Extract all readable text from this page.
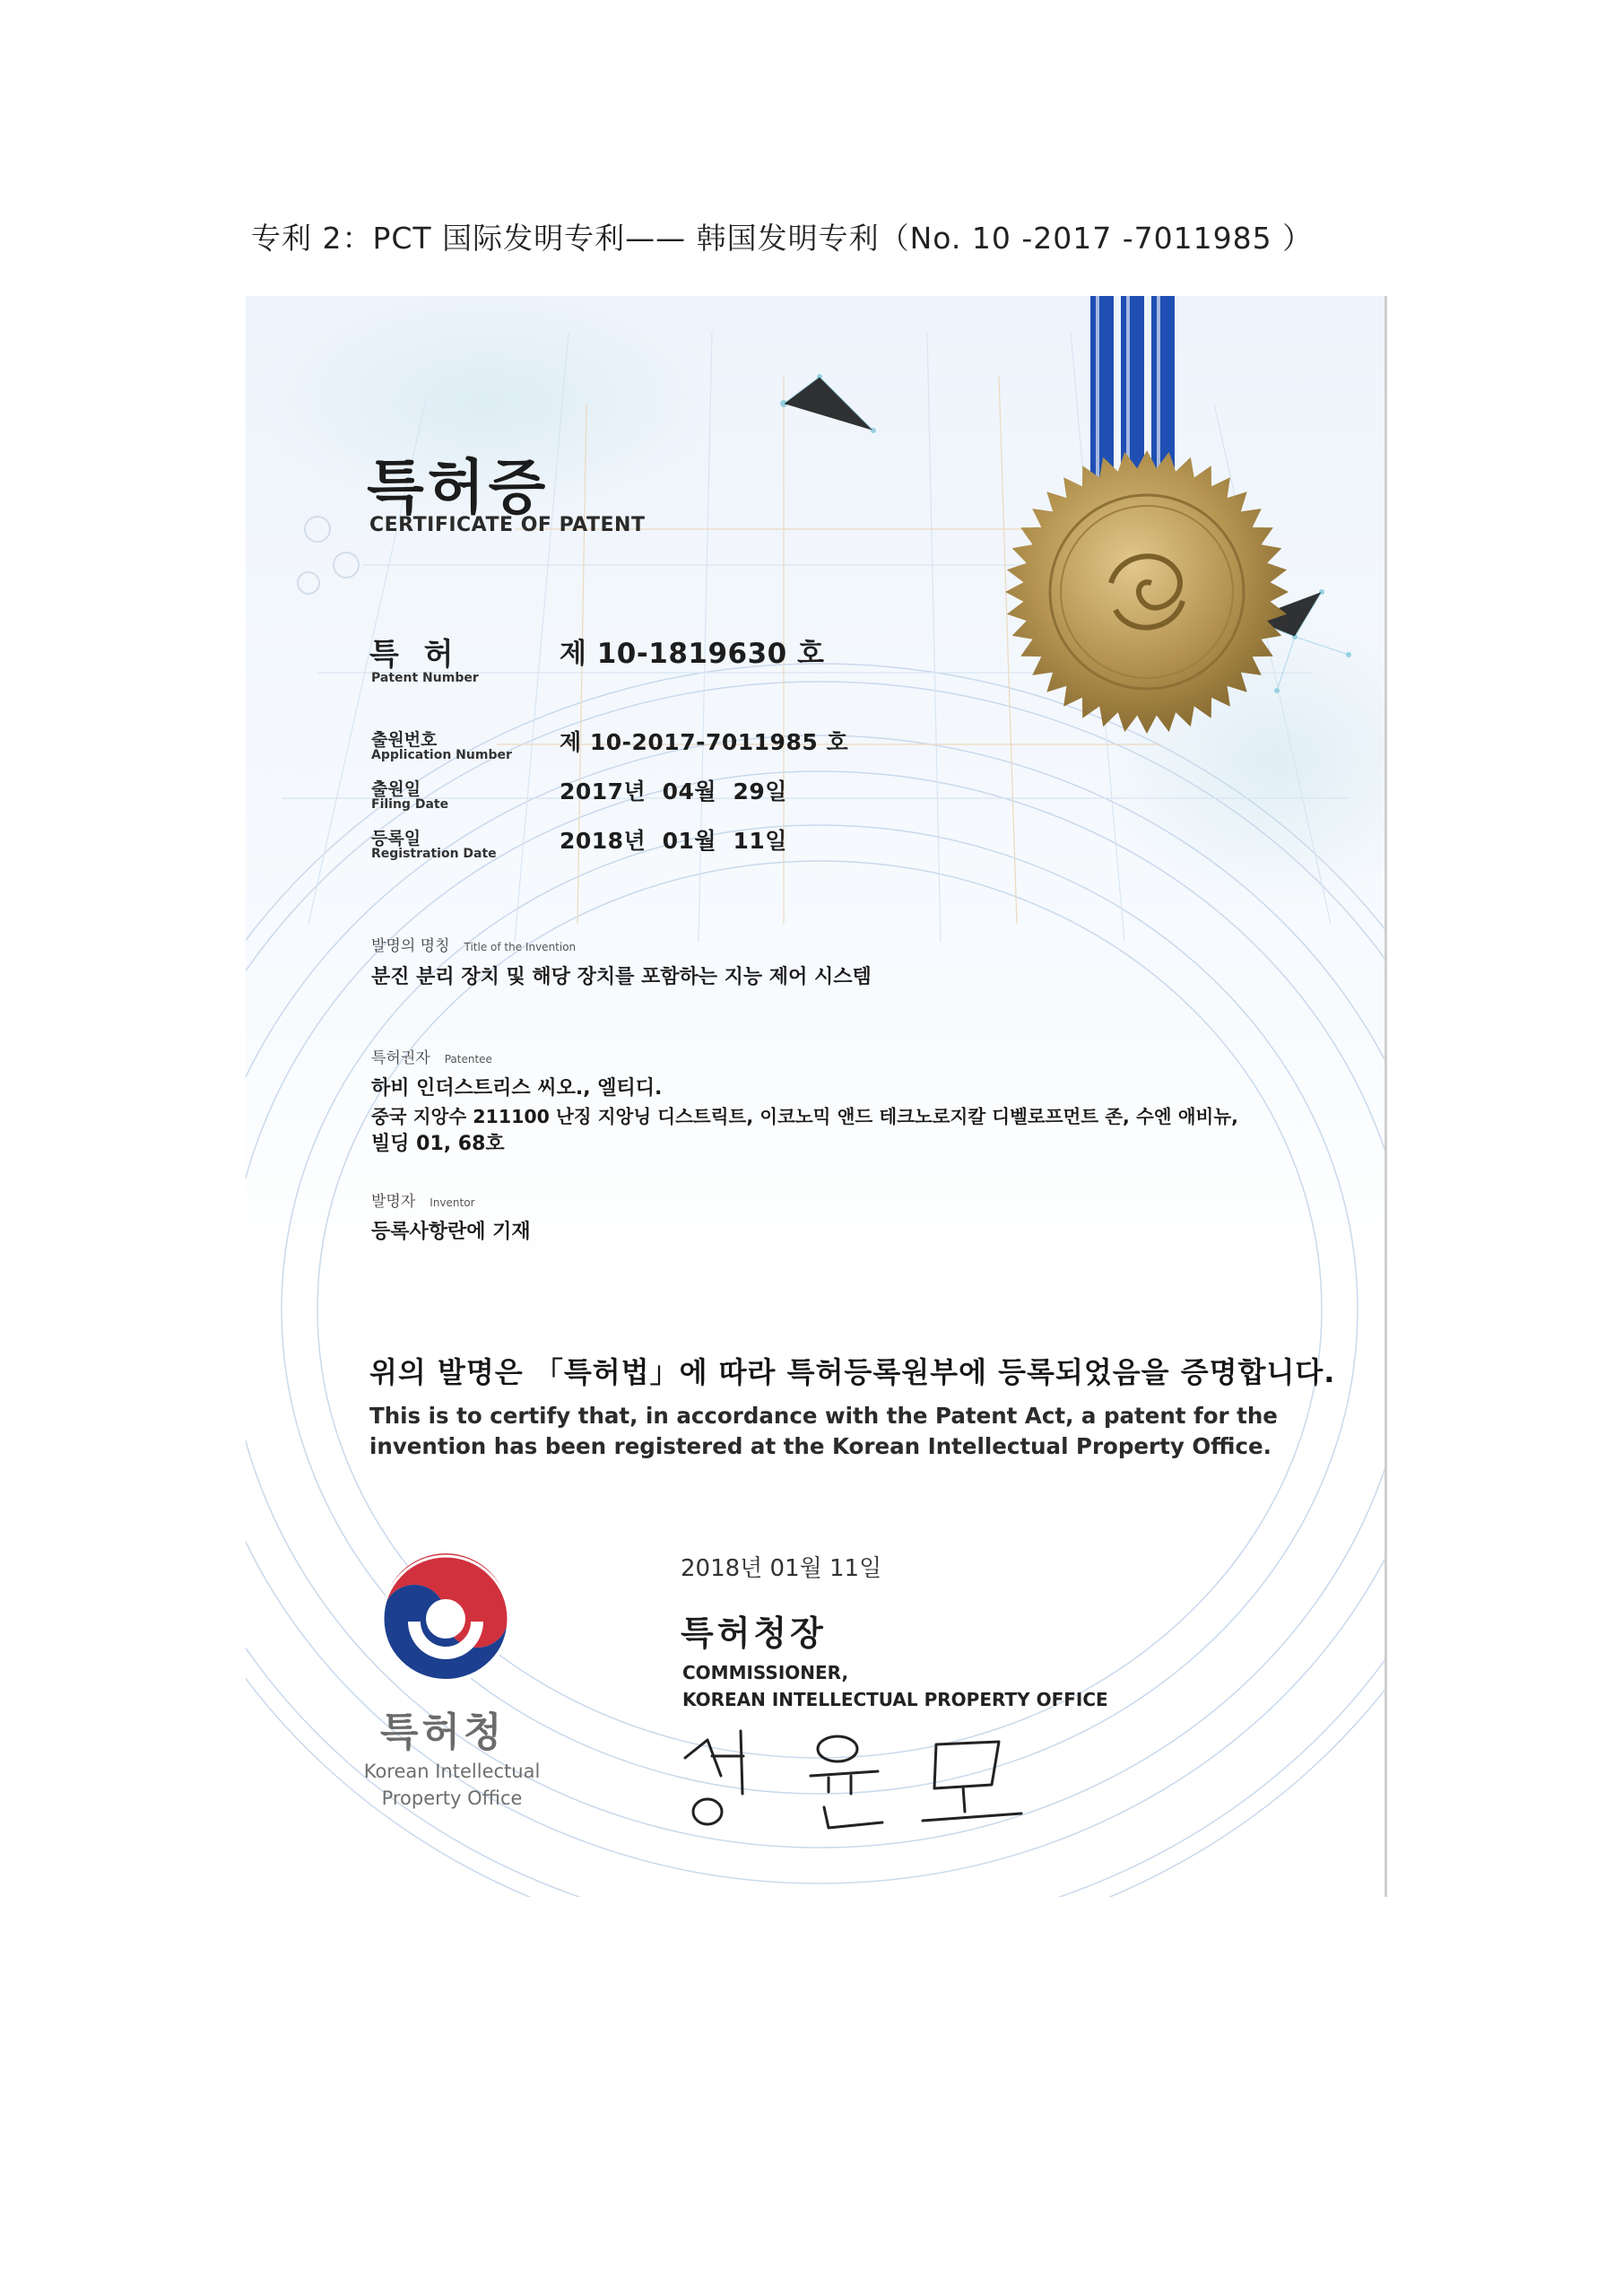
专利 2：PCT 国际发明专利—— 韩国发明专利（No. 10 -2017 -7011985 ）
특허증
CERTIFICATE OF PATENT
특 허
Patent Number
제 10-1819630 호
출원번호
Application Number 제 10-2017-7011985 호
출원일
Filing Date	2017년  04월  29일
등록일
Registration Date	2018년  01월  11일
발명의 명칭 Title of the Invention
분진 분리 장치 및 해당 장치를 포함하는 지능 제어 시스템
특허권자 Patentee
하비 인더스트리스 씨오., 엘티디.
중국 지앙수 211100 난징 지앙닝 디스트릭트, 이코노믹 앤드 테크노로지칼 디벨로프먼트 존, 수엔 애비뉴,
빌딩 01, 68호
발명자 Inventor
등록사항란에 기재
위의 발명은 「특허법」에 따라 특허등록원부에 등록되었음을 증명합니다.
This is to certify that, in accordance with the Patent Act, a patent for the invention has been registered at the Korean Intellectual Property Office.
특허청
Korean Intellectual Property Office
2018년 01월 11일
특허청장
COMMISSIONER,
KOREAN INTELLECTUAL PROPERTY OFFICE
